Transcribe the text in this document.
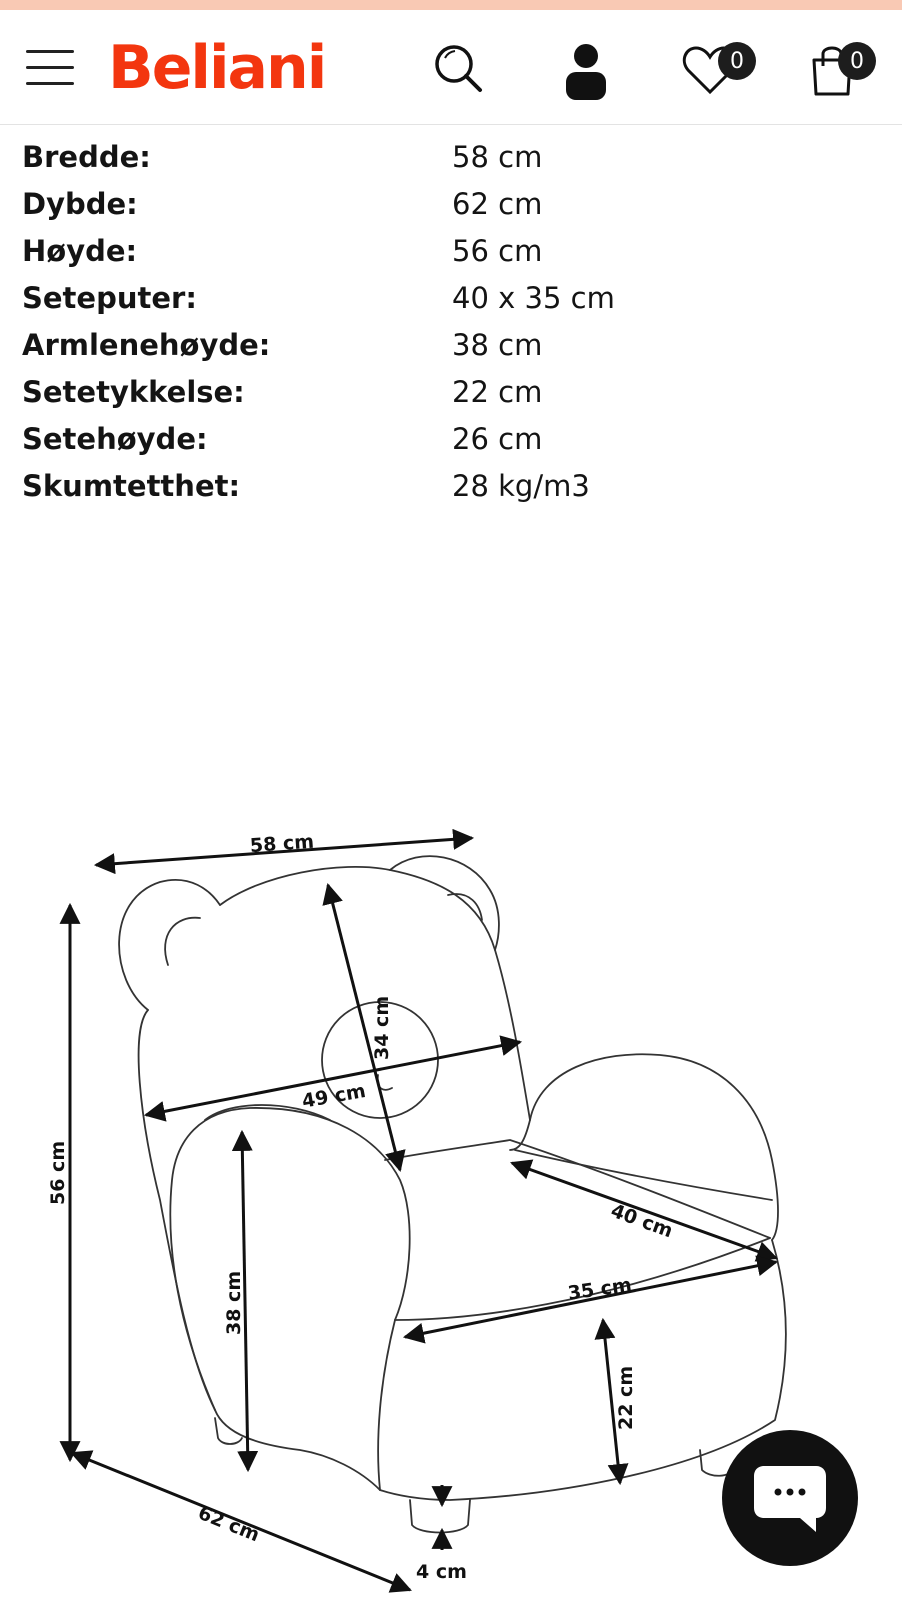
Beliani	0	0
Bredde:	58 cm
Dybde:	62 cm
Høyde:	56 cm
Seteputer:	40 x 35 cm
Armlenehøyde:	38 cm
Setetykkelse:	22 cm
Setehøyde:	26 cm
Skumtetthet:	28 kg/m3
58 cm
34 cm
49 cm
56 cm
40 cm
35 cm
38 cm
22 cm
62 cm
4 cm
